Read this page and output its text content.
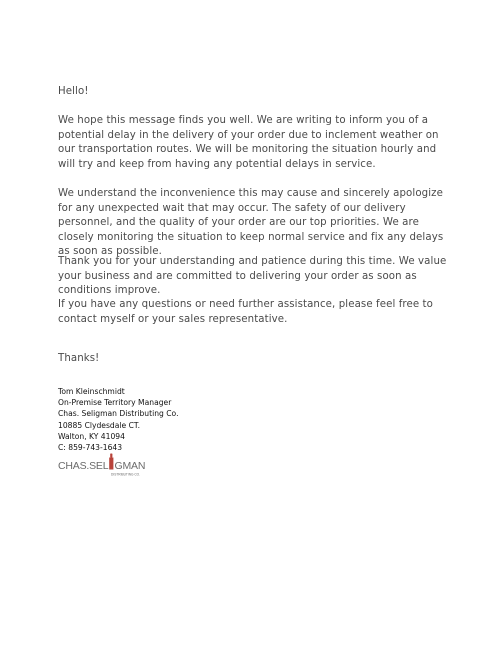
Hello!

We hope this message finds you well. We are writing to inform you of a potential delay in the delivery of your order due to inclement weather on our transportation routes. We will be monitoring the situation hourly and will try and keep from having any potential delays in service.

We understand the inconvenience this may cause and sincerely apologize for any unexpected wait that may occur. The safety of our delivery personnel, and the quality of your order are our top priorities. We are closely monitoring the situation to keep normal service and fix any delays as soon as possible.

Thank you for your understanding and patience during this time. We value your business and are committed to delivering your order as soon as conditions improve.

If you have any questions or need further assistance, please feel free to contact myself or your sales representative.

Thanks!

Tom Kleinschmidt
On-Premise Territory Manager
Chas. Seligman Distributing Co.
10885 Clydesdale CT.
Walton, KY 41094
C: 859-743-1643
CHAS.SEL GMAN
DISTRIBUTING CO.
